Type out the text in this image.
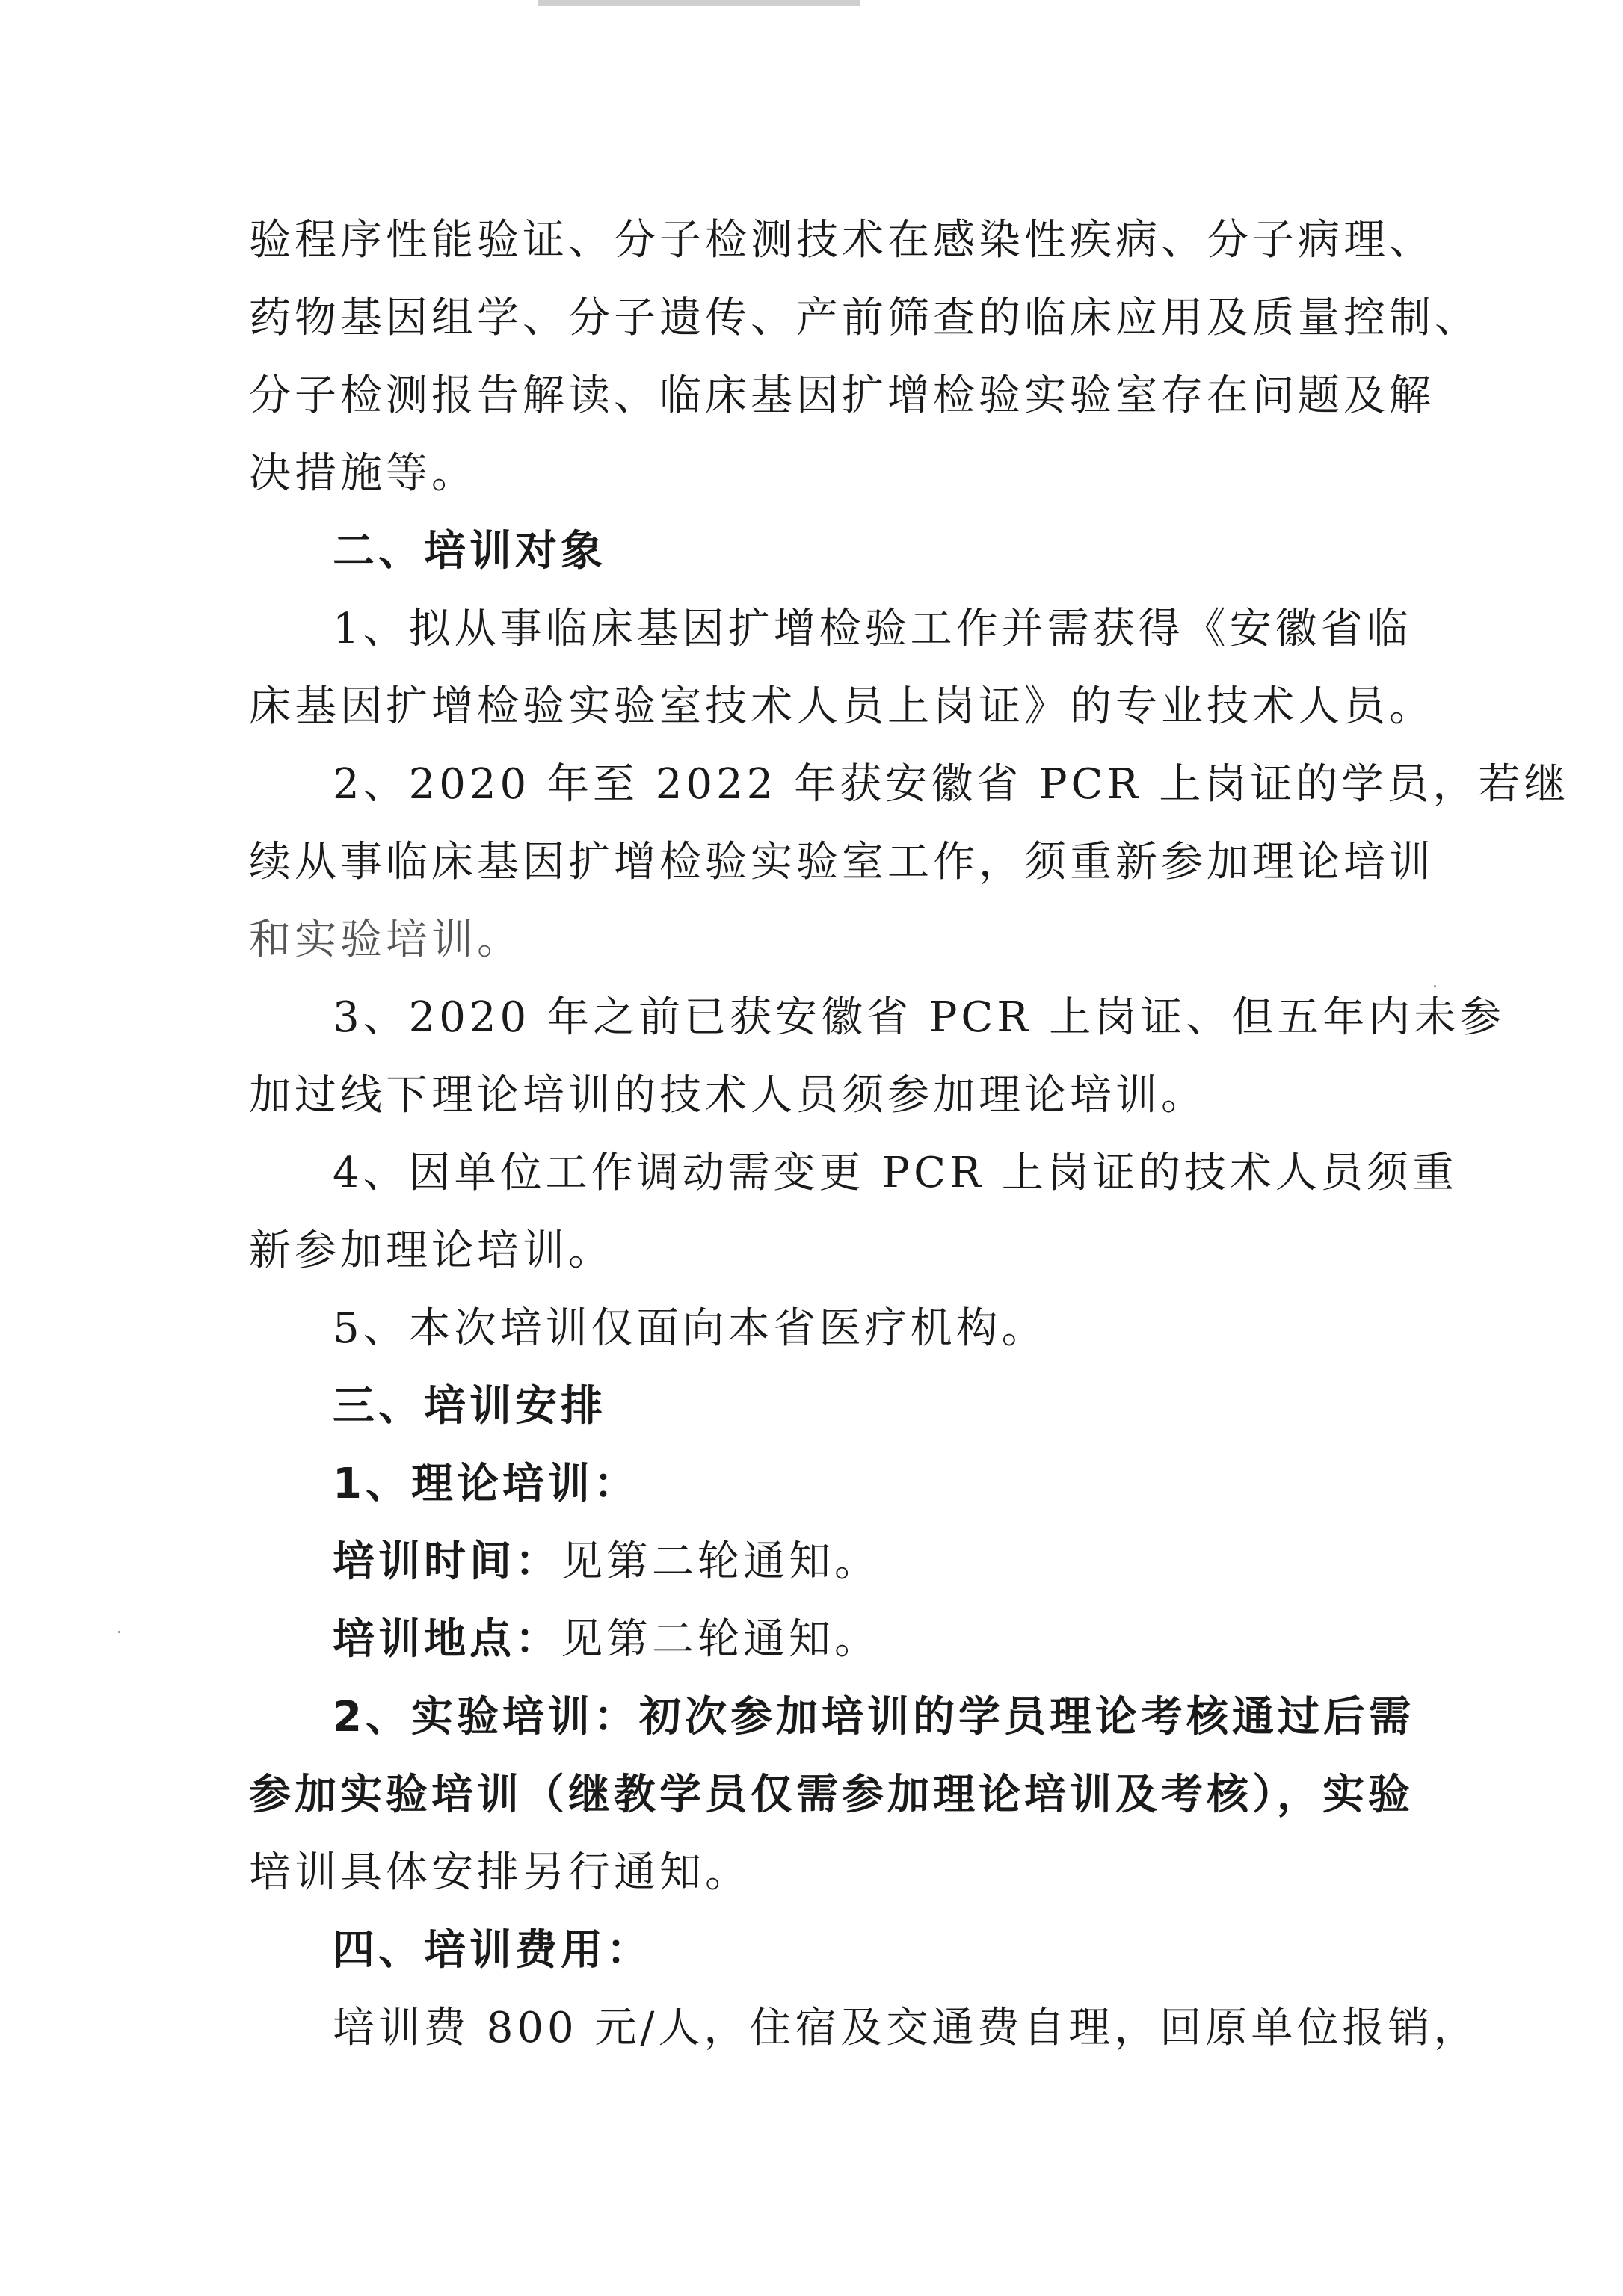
验程序性能验证、分子检测技术在感染性疾病、分子病理、
药物基因组学、分子遗传、产前筛查的临床应用及质量控制、
分子检测报告解读、临床基因扩增检验实验室存在问题及解
决措施等。
二、培训对象
1、拟从事临床基因扩增检验工作并需获得《安徽省临
床基因扩增检验实验室技术人员上岗证》的专业技术人员。
2、2020 年至 2022 年获安徽省 PCR 上岗证的学员，若继
续从事临床基因扩增检验实验室工作，须重新参加理论培训
和实验培训。
3、2020 年之前已获安徽省 PCR 上岗证、但五年内未参
加过线下理论培训的技术人员须参加理论培训。
4、因单位工作调动需变更 PCR 上岗证的技术人员须重
新参加理论培训。
5、本次培训仅面向本省医疗机构。
三、培训安排
1、理论培训：
培训时间：见第二轮通知。
培训地点：见第二轮通知。
2、实验培训：初次参加培训的学员理论考核通过后需
参加实验培训（继教学员仅需参加理论培训及考核），实验
培训具体安排另行通知。
四、培训费用：
培训费 800 元/人，住宿及交通费自理，回原单位报销，
